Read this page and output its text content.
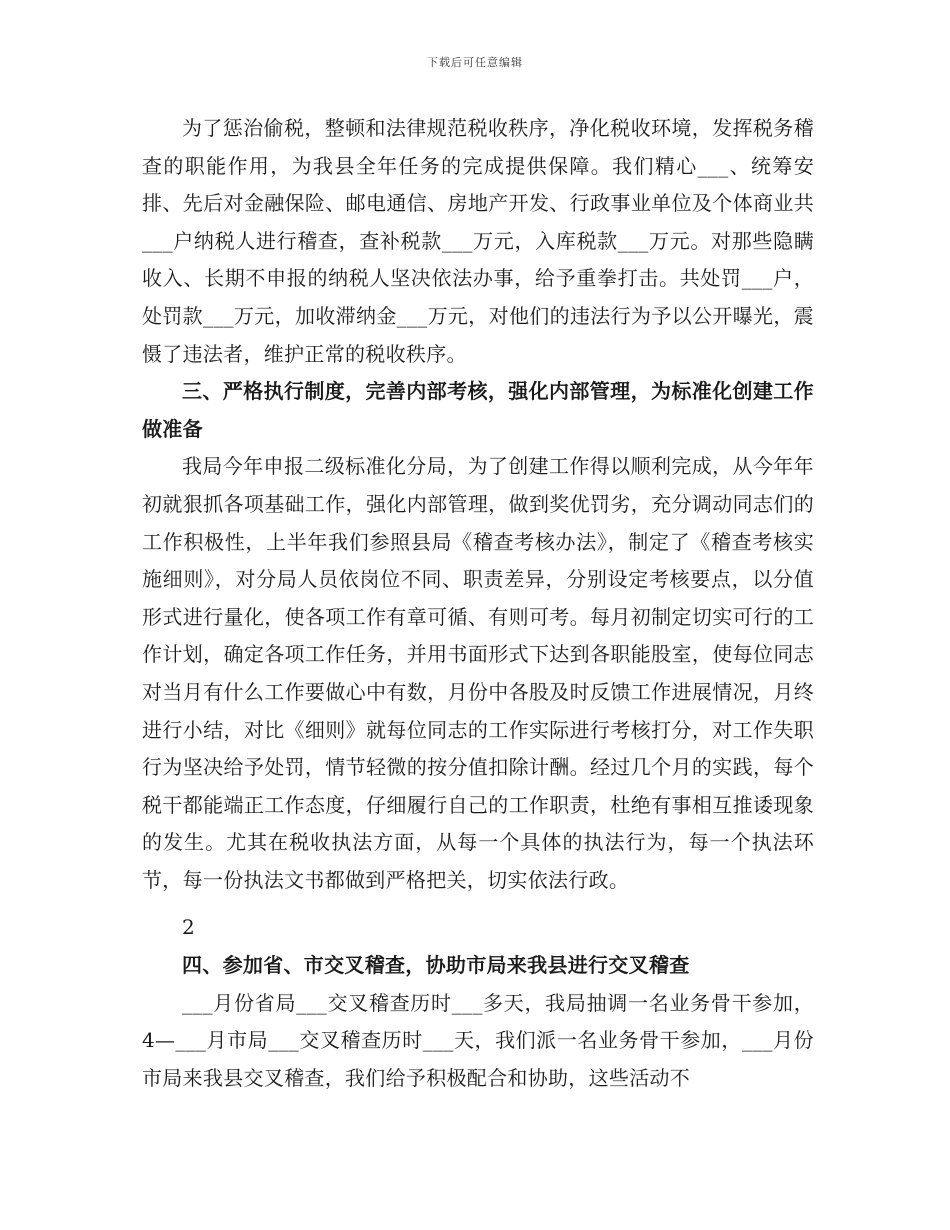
下载后可任意编辑

为了惩治偷税，整顿和法律规范税收秩序，净化税收环境，发挥税务稽查的职能作用，为我县全年任务的完成提供保障。我们精心___、统筹安排、先后对金融保险、邮电通信、房地产开发、行政事业单位及个体商业共___户纳税人进行稽查，查补税款___万元，入库税款___万元。对那些隐瞒收入、长期不申报的纳税人坚决依法办事，给予重拳打击。共处罚___户，处罚款___万元，加收滞纳金___万元，对他们的违法行为予以公开曝光，震慑了违法者，维护正常的税收秩序。

三、严格执行制度，完善内部考核，强化内部管理，为标准化创建工作做准备

我局今年申报二级标准化分局，为了创建工作得以顺利完成，从今年年初就狠抓各项基础工作，强化内部管理，做到奖优罚劣，充分调动同志们的工作积极性，上半年我们参照县局《稽查考核办法》，制定了《稽查考核实施细则》，对分局人员依岗位不同、职责差异，分别设定考核要点，以分值形式进行量化，使各项工作有章可循、有则可考。每月初制定切实可行的工作计划，确定各项工作任务，并用书面形式下达到各职能股室，使每位同志对当月有什么工作要做心中有数，月份中各股及时反馈工作进展情况，月终进行小结，对比《细则》就每位同志的工作实际进行考核打分，对工作失职行为坚决给予处罚，情节轻微的按分值扣除计酬。经过几个月的实践，每个税干都能端正工作态度，仔细履行自己的工作职责，杜绝有事相互推诿现象的发生。尤其在税收执法方面，从每一个具体的执法行为，每一个执法环节，每一份执法文书都做到严格把关，切实依法行政。

2

四、参加省、市交叉稽查，协助市局来我县进行交叉稽查

___月份省局___交叉稽查历时___多天，我局抽调一名业务骨干参加，4—___月市局___交叉稽查历时___天，我们派一名业务骨干参加，___月份市局来我县交叉稽查，我们给予积极配合和协助，这些活动不
